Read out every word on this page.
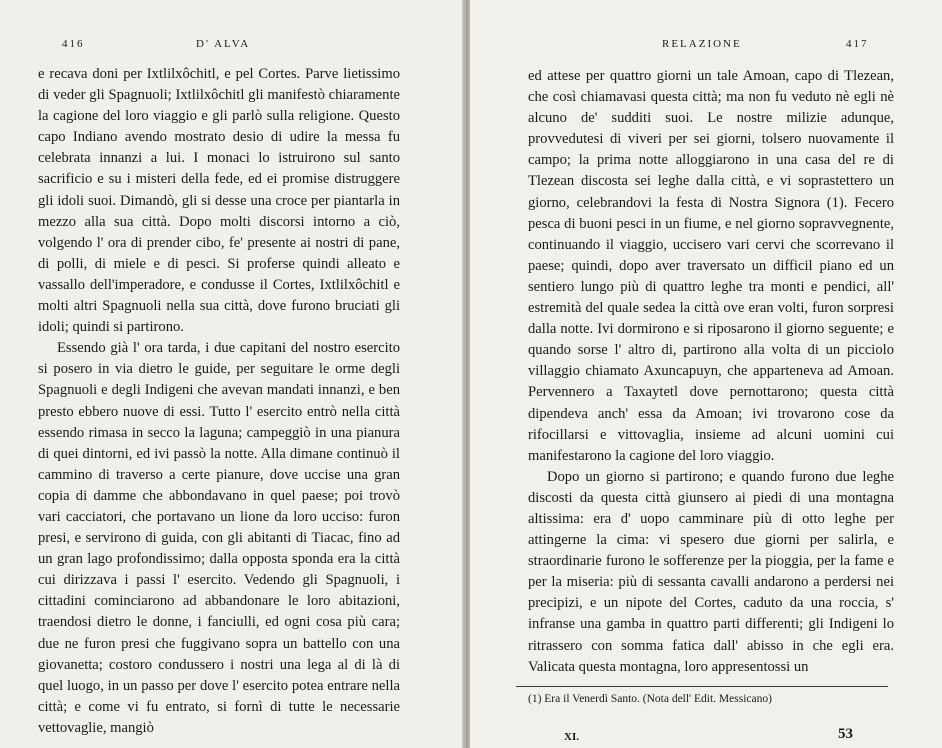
416	D' ALVA

e recava doni per Ixtlilxôchitl, e pel Cortes. Parve lietissimo di veder gli Spagnuoli; Ixtlilxôchitl gli manifestò chiaramente la cagione del loro viaggio e gli parlò sulla religione. Questo capo Indiano avendo mostrato desio di udire la messa fu celebrata innanzi a lui. I monaci lo istruirono sul santo sacrificio e su i misteri della fede, ed ei promise distruggere gli idoli suoi. Dimandò, gli si desse una croce per piantarla in mezzo alla sua città. Dopo molti discorsi intorno a ciò, volgendo l' ora di prender cibo, fe' presente ai nostri di pane, di polli, di miele e di pesci. Si proferse quindi alleato e vassallo dell'imperadore, e condusse il Cortes, Ixtlilxôchitl e molti altri Spagnuoli nella sua città, dove furono bruciati gli idoli; quindi si partirono.

Essendo già l' ora tarda, i due capitani del nostro esercito si posero in via dietro le guide, per seguitare le orme degli Spagnuoli e degli Indigeni che avevan mandati innanzi, e ben presto ebbero nuove di essi. Tutto l' esercito entrò nella città essendo rimasa in secco la laguna; campeggiò in una pianura di quei dintorni, ed ivi passò la notte. Alla dimane continuò il cammino di traverso a certe pianure, dove uccise una gran copia di damme che abbondavano in quel paese; poi trovò vari cacciatori, che portavano un lione da loro ucciso: furon presi, e servirono di guida, con gli abitanti di Tiacac, fino ad un gran lago profondissimo; dalla opposta sponda era la città cui dirizzava i passi l' esercito. Vedendo gli Spagnuoli, i cittadini cominciarono ad abbandonare le loro abitazioni, traendosi dietro le donne, i fanciulli, ed ogni cosa più cara; due ne furon presi che fuggivano sopra un battello con una giovanetta; costoro condussero i nostri una lega al di là di quel luogo, in un passo per dove l' esercito potea entrare nella città; e come vi fu entrato, si fornì di tutte le necessarie vettovaglie, mangiò

RELAZIONE	417

ed attese per quattro giorni un tale Amoan, capo di Tlezean, che così chiamavasi questa città; ma non fu veduto nè egli nè alcuno de' sudditi suoi. Le nostre milizie adunque, provvedutesi di viveri per sei giorni, tolsero nuovamente il campo; la prima notte alloggiarono in una casa del re di Tlezean discosta sei leghe dalla città, e vi soprastettero un giorno, celebrandovi la festa di Nostra Signora (1). Fecero pesca di buoni pesci in un fiume, e nel giorno sopravvegnente, continuando il viaggio, uccisero vari cervi che scorrevano il paese; quindi, dopo aver traversato un difficil piano ed un sentiero lungo più di quattro leghe tra monti e pendici, all' estremità del quale sedea la città ove eran volti, furon sorpresi dalla notte. Ivi dormirono e si riposarono il giorno seguente; e quando sorse l' altro di, partirono alla volta di un picciolo villaggio chiamato Axuncapuyn, che apparteneva ad Amoan. Pervennero a Taxaytetl dove pernottarono; questa città dipendeva anch' essa da Amoan; ivi trovarono cose da rifocillarsi e vittovaglia, insieme ad alcuni uomini cui manifestarono la cagione del loro viaggio.

Dopo un giorno si partirono; e quando furono due leghe discosti da questa città giunsero ai piedi di una montagna altissima: era d' uopo camminare più di otto leghe per attingerne la cima: vi spesero due giorni per salirla, e straordinarie furono le sofferenze per la pioggia, per la fame e per la miseria: più di sessanta cavalli andarono a perdersi nei precipizi, e un nipote del Cortes, caduto da una roccia, s' infranse una gamba in quattro parti differenti; gli Indigeni lo ritrassero con somma fatica dall' abisso in che egli era. Valicata questa montagna, loro appresentossi un

(1) Era il Venerdì Santo. (Nota dell' Edit. Messicano)
XI.	53
